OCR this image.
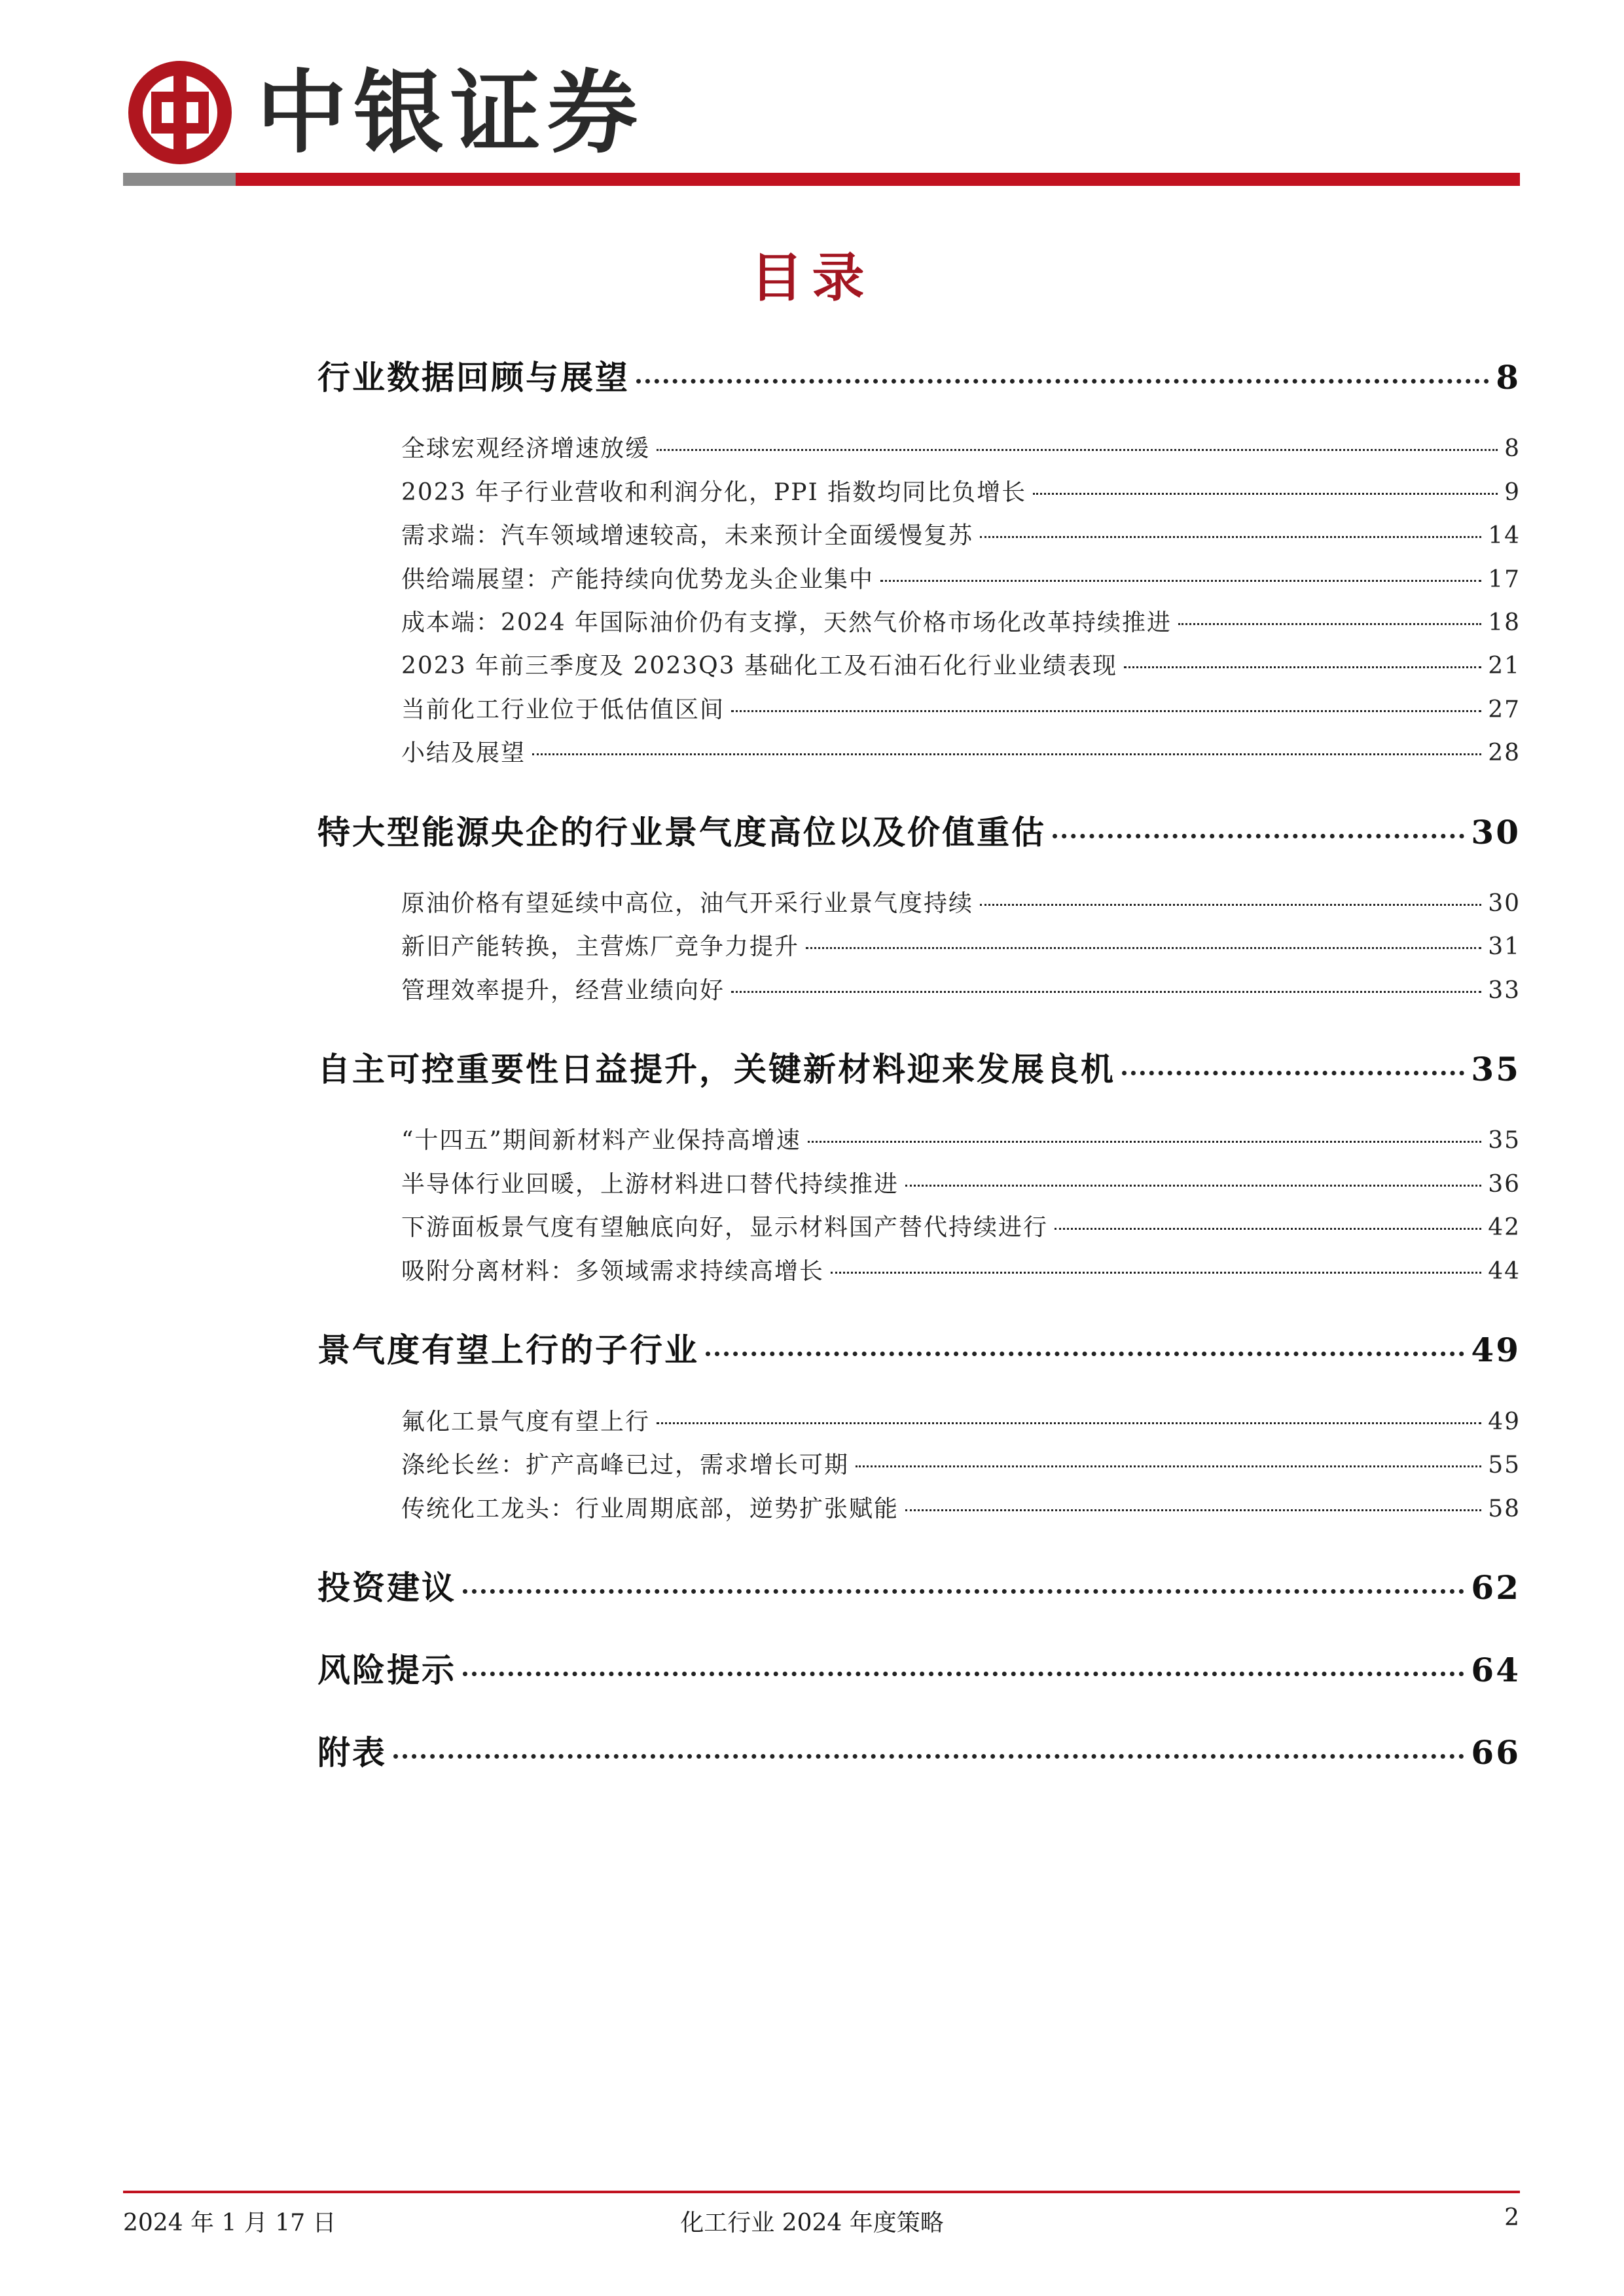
中银证券
目录
行业数据回顾与展望	8
全球宏观经济增速放缓	8
2023 年子行业营收和利润分化，PPI 指数均同比负增长	9
需求端：汽车领域增速较高，未来预计全面缓慢复苏	14
供给端展望：产能持续向优势龙头企业集中	17
成本端：2024 年国际油价仍有支撑，天然气价格市场化改革持续推进	18
2023 年前三季度及 2023Q3 基础化工及石油石化行业业绩表现	21
当前化工行业位于低估值区间	27
小结及展望	28
特大型能源央企的行业景气度高位以及价值重估	30
原油价格有望延续中高位，油气开采行业景气度持续	30
新旧产能转换，主营炼厂竞争力提升	31
管理效率提升，经营业绩向好	33
自主可控重要性日益提升，关键新材料迎来发展良机	35
“十四五”期间新材料产业保持高增速	35
半导体行业回暖，上游材料进口替代持续推进	36
下游面板景气度有望触底向好，显示材料国产替代持续进行	42
吸附分离材料：多领域需求持续高增长	44
景气度有望上行的子行业	49
氟化工景气度有望上行	49
涤纶长丝：扩产高峰已过，需求增长可期	55
传统化工龙头：行业周期底部，逆势扩张赋能	58
投资建议	62
风险提示	64
附表	66
2024 年 1 月 17 日	化工行业 2024 年度策略	2
